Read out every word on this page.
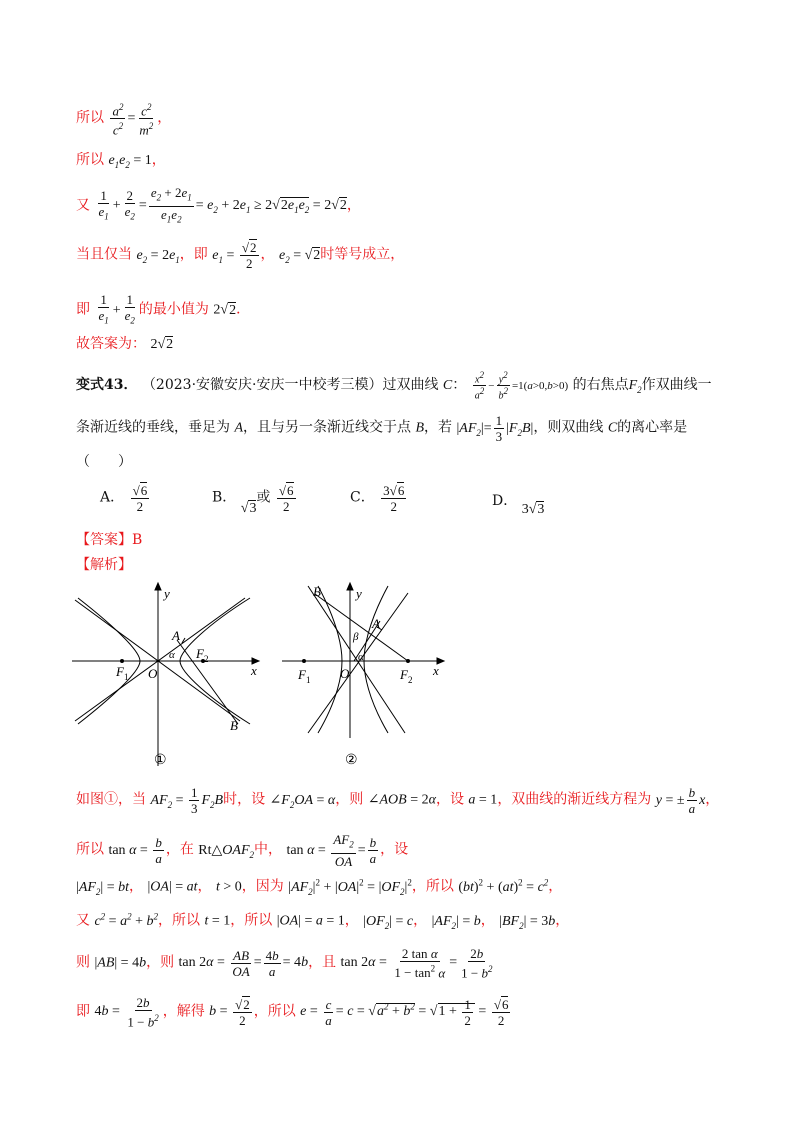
所以 $\frac{a^2}{c^2} = \frac{c^2}{m^2}$ ，
所以 $e_1e_2 = 1$，
又 $\frac{1}{e_1} + \frac{2}{e_2} = \frac{e_2 + 2e_1}{e_1e_2} = e_2 + 2e_1 \ge 2√2e_1e_2 = 2√2$，
当且仅当 $e_2 = 2e_1$，即 $e_1 = \frac{√2}{2}$ ， $e_2 = √2$时等号成立，
即 $\frac{1}{e_1} + \frac{1}{e_2}$ 的最小值为 2√2．
故答案为： 2√2
变式43． （2023·安徽安庆·安庆一中校考三模）过双曲线 C： $\frac{x^2}{a^2} - \frac{y^2}{b^2} =1(a>0,b>0)$ 的右焦点$F_2$作双曲线一
条渐近线的垂线，垂足为 A，且与另一条渐近线交于点 B，若 $|AF_2|= \frac{1}{3} |F_2B|$，则双曲线 C的离心率是
（　　）
A． $\frac{√6}{2}$	B． √3或 $\frac{√6}{2}$	C． $\frac{3√6}{2}$	D． 3√3
【答案】B
【解析】
y
x
O
A
B
F 1
F 2
α
①
y
x
O
A
B
F 1	F 2
α
β
②
如图①，当 $AF_2 = \frac{1}{3} F_2B$时，设 $\angle F_2OA = \alpha$，则 ∠AOB = 2α，设 a = 1，双曲线的渐近线方程为 y = ± $\frac{b}{a}$ x，
所以 $\tan \alpha = \frac{b}{a}$ ，在 $Rt\triangle OAF_2$中， $\tan \alpha = \frac{AF_2}{OA} = \frac{b}{a}$ ，设
$|AF_2|$ = bt， |OA| = at， t > 0，因为 $|AF_2|^2 + |OA|^2 = |OF_2|^2$，所以 $(bt)^2 + (at)^2 = c^2$，
又 $c^2 = a^2 + b^2$，所以 t = 1，所以 |OA| = a = 1， $|OF_2| = c$， $|AF_2| = b$， $|BF_2| = 3b$，
则 |AB| = 4b，则 $\tan 2\alpha = \frac{AB}{OA} = \frac{4b}{a} = 4b$，且 $\tan 2\alpha = \frac{\text{2 tan α}}{1 - \tan^2 \alpha} = \frac{2b}{1 - b^2}$
即 $4b = \frac{2b}{1 - b^2}$ ，解得 $b = \frac{√2}{2}$ ，所以 $e = \frac{c}{a} = c = √a^2 + b^2 = √1 + \frac{1}{2} = \frac{√6}{2}$
